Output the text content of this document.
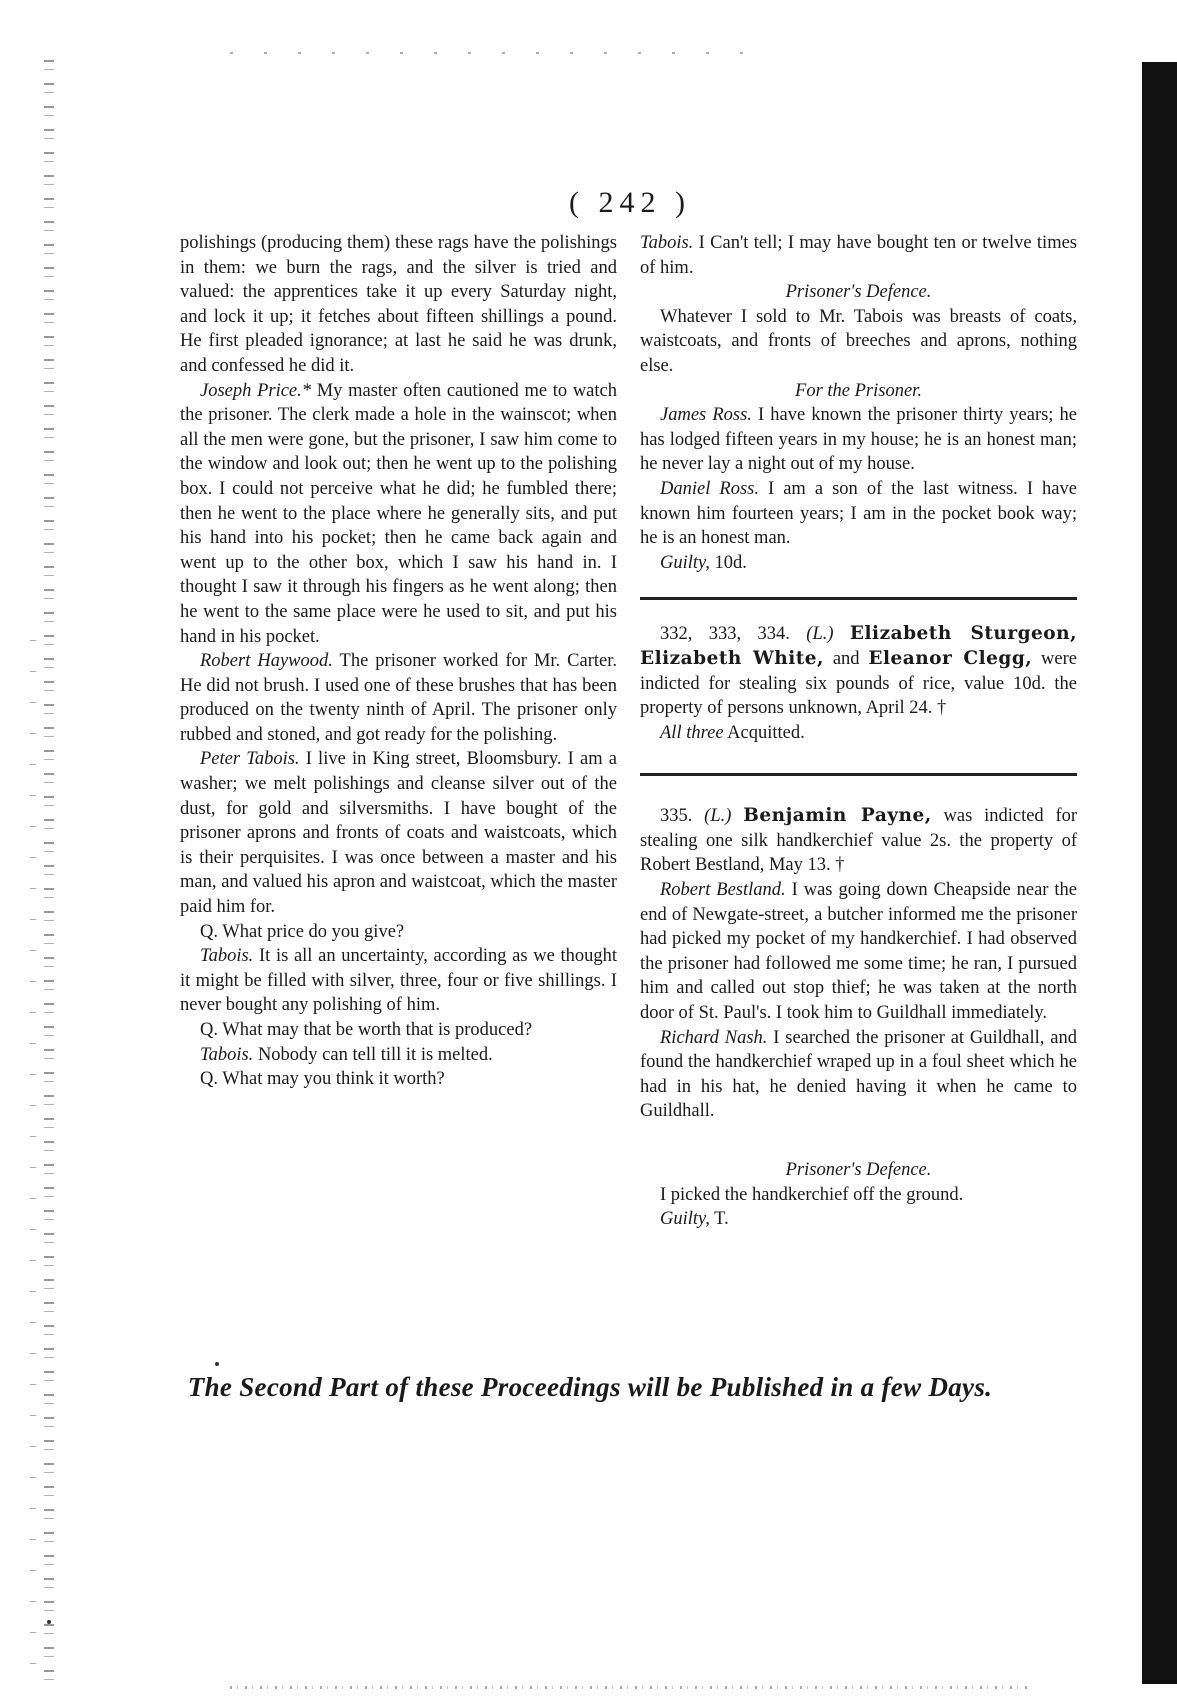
( 242 )

polishings (producing them) these rags have the polishings in them: we burn the rags, and the silver is tried and valued: the apprentices take it up every Saturday night, and lock it up; it fetches about fifteen shillings a pound. He first pleaded ignorance; at last he said he was drunk, and confessed he did it.

Joseph Price.* My master often cautioned me to watch the prisoner. The clerk made a hole in the wainscot; when all the men were gone, but the prisoner, I saw him come to the window and look out; then he went up to the polishing box. I could not perceive what he did; he fumbled there; then he went to the place where he generally sits, and put his hand into his pocket; then he came back again and went up to the other box, which I saw his hand in. I thought I saw it through his fingers as he went along; then he went to the same place were he used to sit, and put his hand in his pocket.

Robert Haywood. The prisoner worked for Mr. Carter. He did not brush. I used one of these brushes that has been produced on the twenty ninth of April. The prisoner only rubbed and stoned, and got ready for the polishing.

Peter Tabois. I live in King street, Bloomsbury. I am a washer; we melt polishings and cleanse silver out of the dust, for gold and silversmiths. I have bought of the prisoner aprons and fronts of coats and waistcoats, which is their perquisites. I was once between a master and his man, and valued his apron and waistcoat, which the master paid him for.

Q. What price do you give?

Tabois. It is all an uncertainty, according as we thought it might be filled with silver, three, four or five shillings. I never bought any polishing of him.

Q. What may that be worth that is produced?

Tabois. Nobody can tell till it is melted.

Q. What may you think it worth?

Tabois. I Can't tell; I may have bought ten or twelve times of him.

Prisoner's Defence.

Whatever I sold to Mr. Tabois was breasts of coats, waistcoats, and fronts of breeches and aprons, nothing else.

For the Prisoner.

James Ross. I have known the prisoner thirty years; he has lodged fifteen years in my house; he is an honest man; he never lay a night out of my house.

Daniel Ross. I am a son of the last witness. I have known him fourteen years; I am in the pocket book way; he is an honest man.

Guilty, 10d.

332, 333, 334. (L.) Elizabeth Sturgeon, Elizabeth White, and Eleanor Clegg, were indicted for stealing six pounds of rice, value 10d. the property of persons unknown, April 24. †

All three Acquitted.

335. (L.) Benjamin Payne, was indicted for stealing one silk handkerchief value 2s. the property of Robert Bestland, May 13. †

Robert Bestland. I was going down Cheapside near the end of Newgate-street, a butcher informed me the prisoner had picked my pocket of my handkerchief. I had observed the prisoner had followed me some time; he ran, I pursued him and called out stop thief; he was taken at the north door of St. Paul's. I took him to Guildhall immediately.

Richard Nash. I searched the prisoner at Guildhall, and found the handkerchief wraped up in a foul sheet which he had in his hat, he denied having it when he came to Guildhall.

Prisoner's Defence.

I picked the handkerchief off the ground.

Guilty, T.

The Second Part of these Proceedings will be Published in a few Days.
